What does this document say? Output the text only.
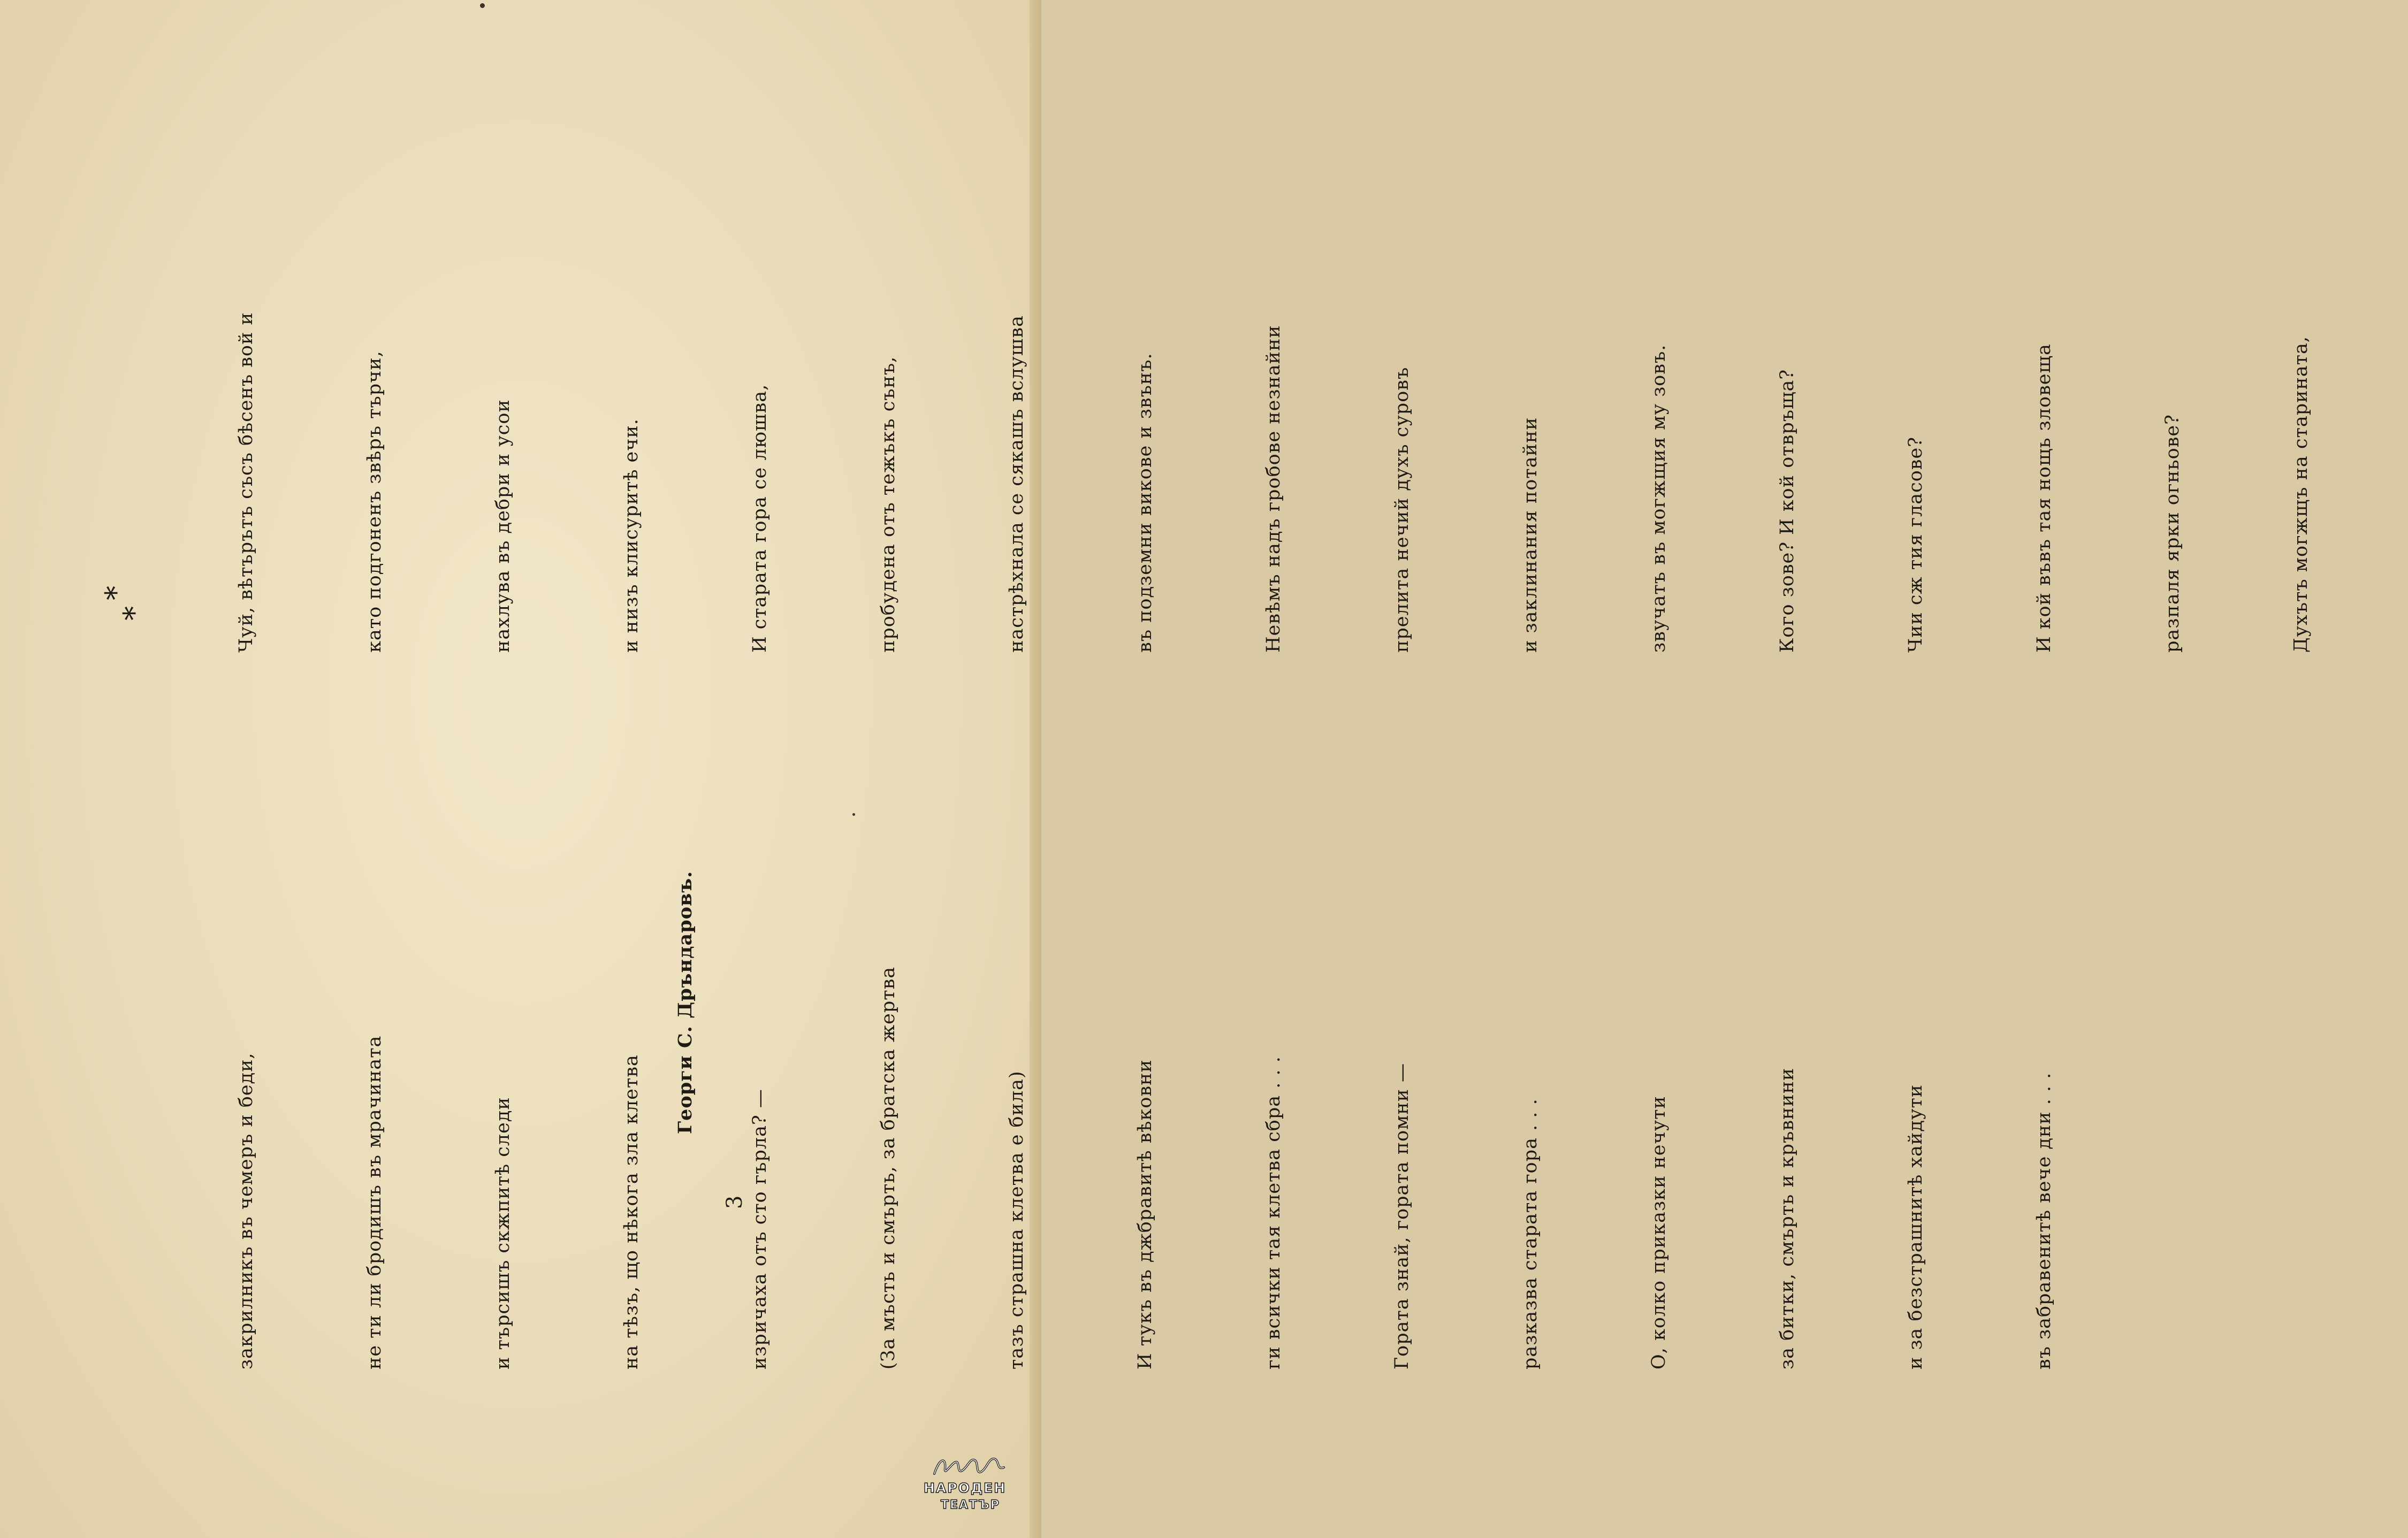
*
*

	Чуй, вѣтърътъ съсъ бѣсенъ вой и

	като подгоненъ звѣръ търчи,

	нахлува въ дебри и усои

	и низъ клисуритѣ ечи.

	И старата гора се люшва,

	пробудена отъ тежъкъ сънъ,

	настрѣхнала се сякашъ вслушва

	въ подземни викове и звънъ.

	Невѣмъ надъ гробове незнайни

	прелита нечий духъ суровъ

	и заклинания потайни

	звучатъ въ могжщия му зовъ.

	Кого зове? И кой отвръща?

	Чии сж тия гласове?

	И кой въвъ тая нощь зловеща

	разпаля ярки огньове?

	Духътъ могжщъ на старината,

закрилникъ въ чемеръ и беди,

	не ти ли бродишъ въ мрачината

	и търсишъ скжпитѣ следи

	на тѣзъ, що нѣкога зла клетва

	изричаха отъ сто гърла? —

	(За мъсть и смърть, за братска жертва

	тазъ страшна клетва е била)

	И тукъ въ джбравитѣ вѣковни

	ги всички тая клетва сбра . . .

	Гората знай, гората помни —

	разказва старата гора . . .

	О, колко приказки нечути

	за битки, смърть и кръвнини

	и за безстрашнитѣ хайдути

	въ забравенитѣ вече дни . . .

Георги С. Дръндаровъ.
3
НАРОДЕН
ТЕАТЪР
